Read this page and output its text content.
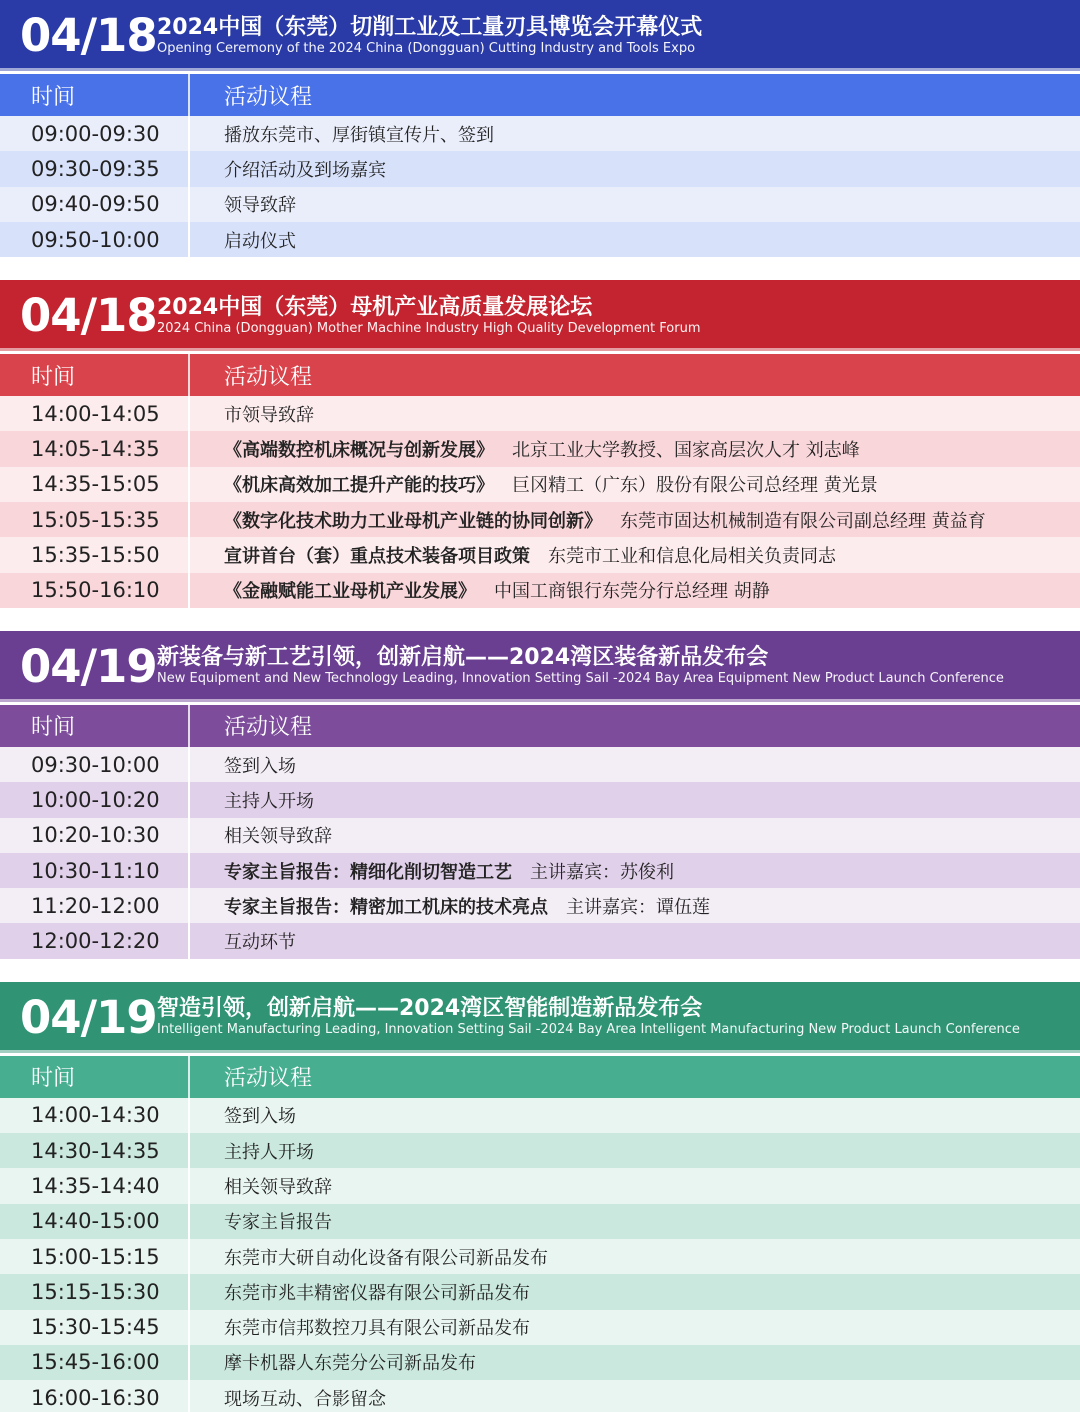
04/18 2024中国（东莞）切削工业及工量刃具博览会开幕仪式
Opening Ceremony of the 2024 China (Dongguan) Cutting Industry and Tools Expo
时间	活动议程
09:00-09:30	播放东莞市、厚街镇宣传片、签到
09:30-09:35	介绍活动及到场嘉宾
09:40-09:50	领导致辞
09:50-10:00	启动仪式
04/18 2024中国（东莞）母机产业高质量发展论坛
2024 China (Dongguan) Mother Machine Industry High Quality Development Forum
时间	活动议程
14:00-14:05	市领导致辞
14:05-14:35	《高端数控机床概况与创新发展》 北京工业大学教授、国家高层次人才 刘志峰
14:35-15:05	《机床高效加工提升产能的技巧》 巨冈精工（广东）股份有限公司总经理 黄光景
15:05-15:35	《数字化技术助力工业母机产业链的协同创新》 东莞市固达机械制造有限公司副总经理 黄益育
15:35-15:50	宣讲首台（套）重点技术装备项目政策 东莞市工业和信息化局相关负责同志
15:50-16:10	《金融赋能工业母机产业发展》 中国工商银行东莞分行总经理 胡静
04/19 新装备与新工艺引领，创新启航——2024湾区装备新品发布会
New Equipment and New Technology Leading, Innovation Setting Sail -2024 Bay Area Equipment New Product Launch Conference
时间	活动议程
09:30-10:00	签到入场
10:00-10:20	主持人开场
10:20-10:30	相关领导致辞
10:30-11:10	专家主旨报告：精细化削切智造工艺 主讲嘉宾：苏俊利
11:20-12:00	专家主旨报告：精密加工机床的技术亮点 主讲嘉宾：谭伍莲
12:00-12:20	互动环节
04/19 智造引领，创新启航——2024湾区智能制造新品发布会
Intelligent Manufacturing Leading, Innovation Setting Sail -2024 Bay Area Intelligent Manufacturing New Product Launch Conference
时间	活动议程
14:00-14:30	签到入场
14:30-14:35	主持人开场
14:35-14:40	相关领导致辞
14:40-15:00	专家主旨报告
15:00-15:15	东莞市大研自动化设备有限公司新品发布
15:15-15:30	东莞市兆丰精密仪器有限公司新品发布
15:30-15:45	东莞市信邦数控刀具有限公司新品发布
15:45-16:00	摩卡机器人东莞分公司新品发布
16:00-16:30	现场互动、合影留念
